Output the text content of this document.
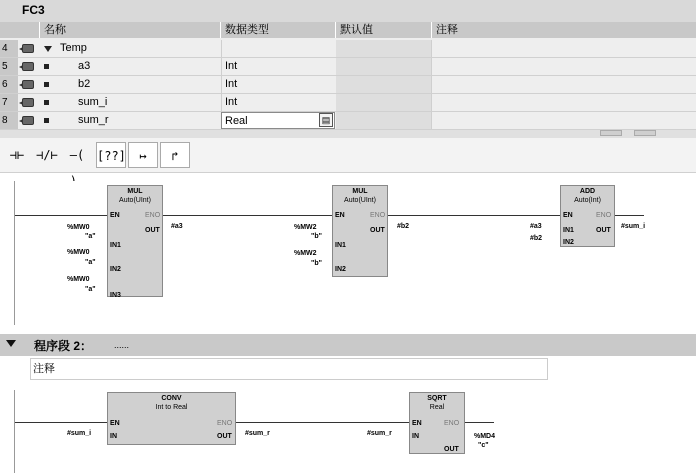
FC3
名称	数据类型	默认值	注释
4	Temp
5	a3	Int
6	b2	Int
7	sum_i	Int
8	sum_r	Real	▤
⊣⊢ ⊣/⊢ –(	[??]	↦	↱
MUL
Auto(UInt)
EN	ENO
OUT
IN1
IN2
IN3
%MW0
"a"
%MW0
"a"
%MW0
"a"
#a3
MUL
Auto(UInt)
EN	ENO
OUT
IN1
IN2
%MW2
"b"
%MW2
"b"
#b2
ADD
Auto(Int)
EN	ENO
OUT
IN1
IN2
#a3
#b2
#sum_i
程序段 2： ......
注释
CONV
Int to Real
EN	ENO
IN	OUT
#sum_i	#sum_r
SQRT
Real
EN	ENO
IN
OUT
#sum_r	%MD4
"c"
